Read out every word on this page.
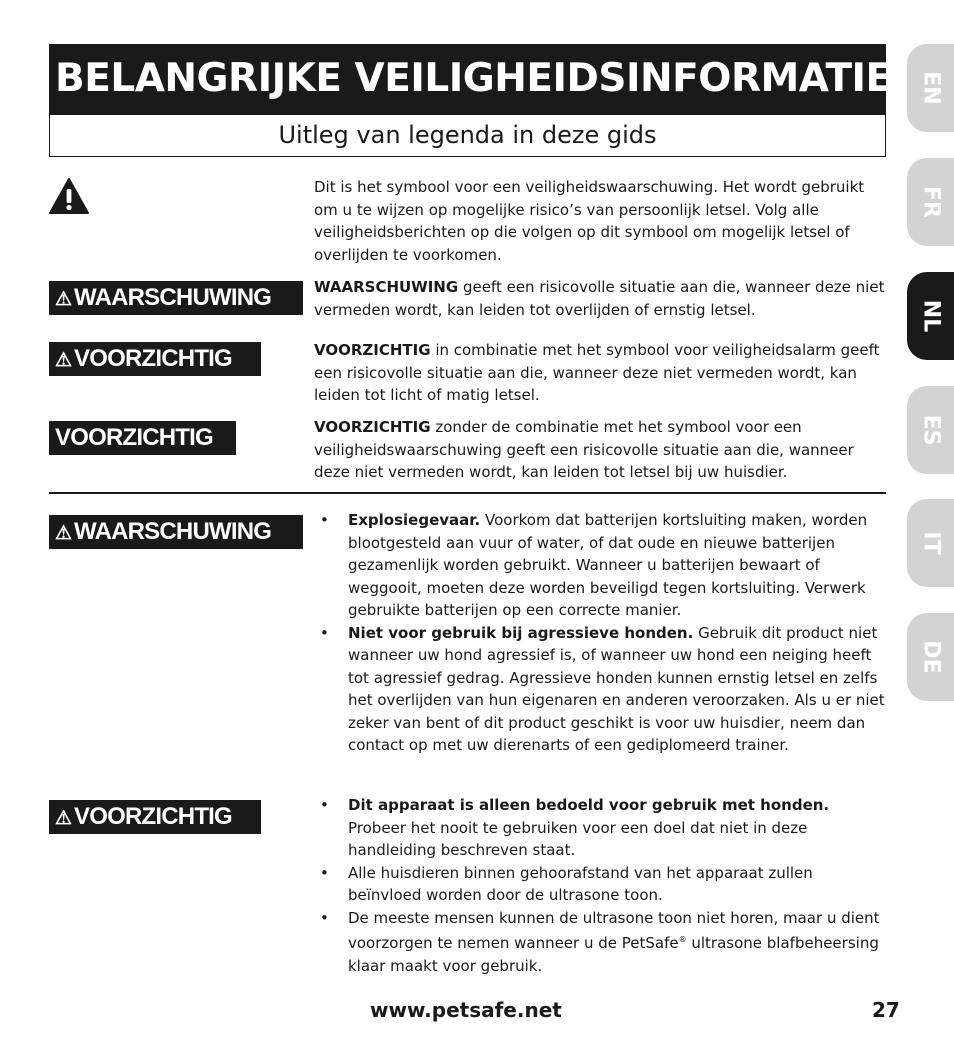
BELANGRIJKE VEILIGHEIDSINFORMATIE
Uitleg van legenda in deze gids
Dit is het symbool voor een veiligheidswaarschuwing. Het wordt gebruikt om u te wijzen op mogelijke risico’s van persoonlijk letsel. Volg alle veiligheidsberichten op die volgen op dit symbool om mogelijk letsel of overlijden te voorkomen.
⚠WAARSCHUWING	WAARSCHUWING geeft een risicovolle situatie aan die, wanneer deze niet vermeden wordt, kan leiden tot overlijden of ernstig letsel.
⚠VOORZICHTIG	VOORZICHTIG in combinatie met het symbool voor veiligheidsalarm geeft een risicovolle situatie aan die, wanneer deze niet vermeden wordt, kan leiden tot licht of matig letsel.
VOORZICHTIG	VOORZICHTIG zonder de combinatie met het symbool voor een veiligheidswaarschuwing geeft een risicovolle situatie aan die, wanneer deze niet vermeden wordt, kan leiden tot letsel bij uw huisdier.
⚠WAARSCHUWING	• Explosiegevaar. Voorkom dat batterijen kortsluiting maken, worden blootgesteld aan vuur of water, of dat oude en nieuwe batterijen gezamenlijk worden gebruikt. Wanneer u batterijen bewaart of weggooit, moeten deze worden beveiligd tegen kortsluiting. Verwerk gebruikte batterijen op een correcte manier.
• Niet voor gebruik bij agressieve honden. Gebruik dit product niet wanneer uw hond agressief is, of wanneer uw hond een neiging heeft tot agressief gedrag. Agressieve honden kunnen ernstig letsel en zelfs het overlijden van hun eigenaren en anderen veroorzaken. Als u er niet zeker van bent of dit product geschikt is voor uw huisdier, neem dan contact op met uw dierenarts of een gediplomeerd trainer.
⚠VOORZICHTIG	• Dit apparaat is alleen bedoeld voor gebruik met honden. Probeer het nooit te gebruiken voor een doel dat niet in deze handleiding beschreven staat.
• Alle huisdieren binnen gehoorafstand van het apparaat zullen beïnvloed worden door de ultrasone toon.
• De meeste mensen kunnen de ultrasone toon niet horen, maar u dient voorzorgen te nemen wanneer u de PetSafe® ultrasone blafbeheersing klaar maakt voor gebruik.
EN
FR
NL
ES
IT
DE
www.petsafe.net	27
